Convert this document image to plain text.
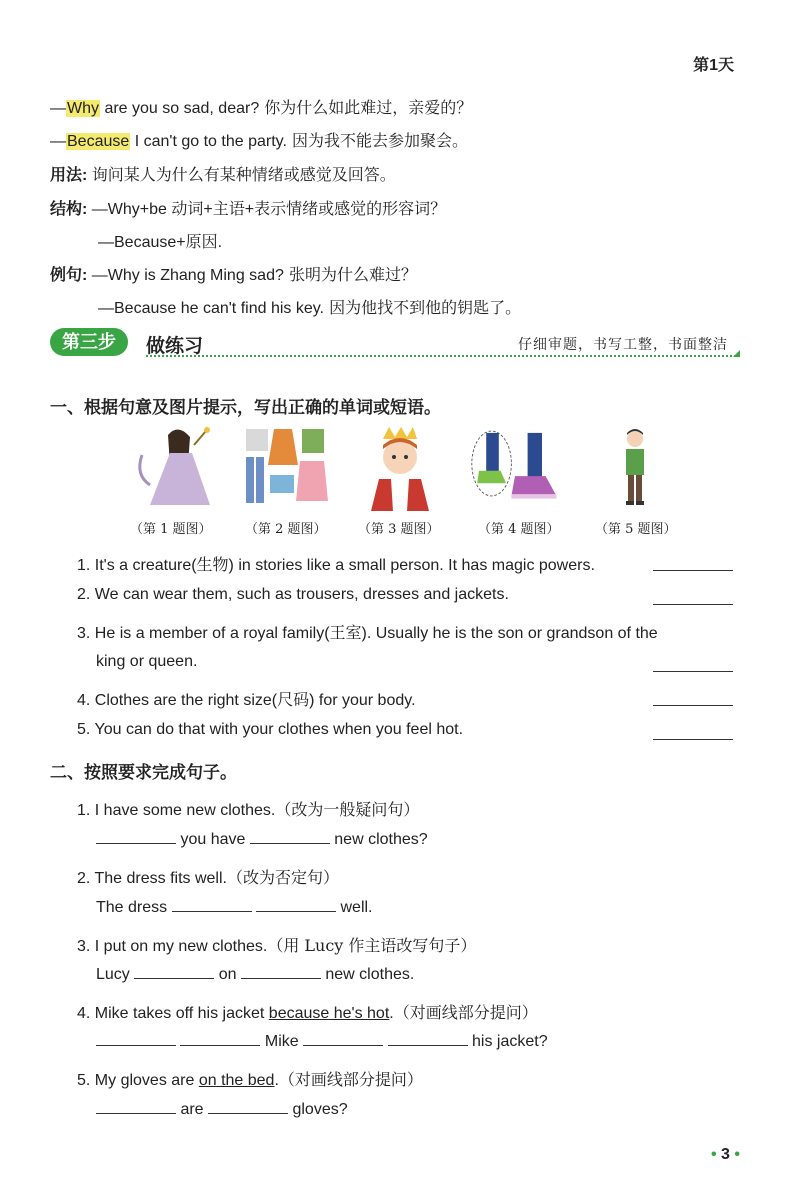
第1天
—Why are you so sad, dear? 你为什么如此难过，亲爱的？
—Because I can't go to the party. 因为我不能去参加聚会。
用法: 询问某人为什么有某种情绪或感觉及回答。
结构: —Why+be 动词+主语+表示情绪或感觉的形容词？
—Because+原因.
例句: —Why is Zhang Ming sad? 张明为什么难过？
—Because he can't find his key. 因为他找不到他的钥匙了。
第三步	做练习	仔细审题，书写工整，书面整洁
一、根据句意及图片提示，写出正确的单词或短语。
（第 1 题图）	（第 2 题图） （第 3 题图）	（第 4 题图）	（第 5 题图）
1. It's a creature(生物) in stories like a small person. It has magic powers.
2. We can wear them, such as trousers, dresses and jackets.
3. He is a member of a royal family(王室). Usually he is the son or grandson of the
king or queen.
4. Clothes are the right size(尺码) for your body.
5. You can do that with your clothes when you feel hot.
二、按照要求完成句子。
1. I have some new clothes.（改为一般疑问句）
you have	new clothes?
2. The dress fits well.（改为否定句）
The dress	well.
3. I put on my new clothes.（用 Lucy 作主语改写句子）
Lucy	on	new clothes.
4. Mike takes off his jacket because he's hot.（对画线部分提问）
Mike	his jacket?
5. My gloves are on the bed.（对画线部分提问）
are	gloves?
• 3 •
